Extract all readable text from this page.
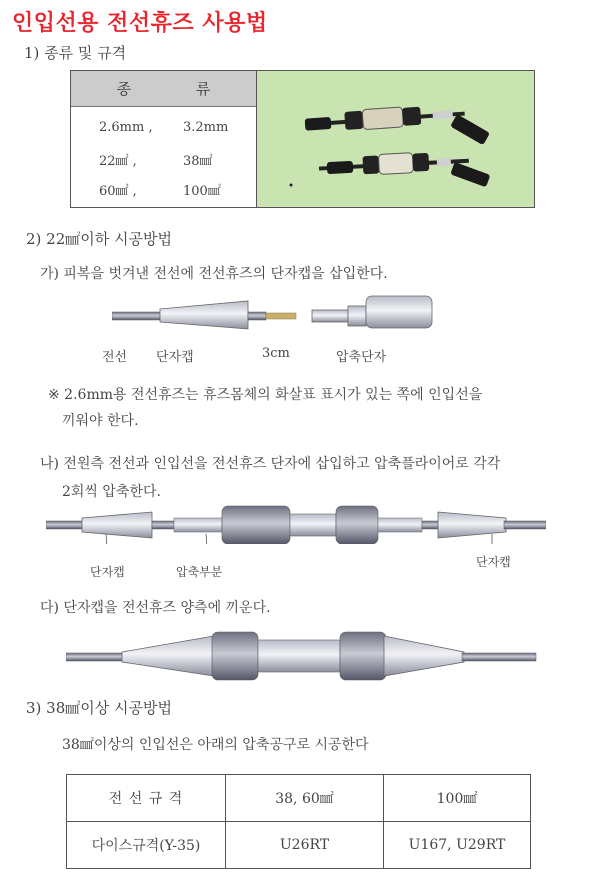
인입선용 전선휴즈 사용법
1) 종류 및 규격
종 류
2.6mm , 3.2mm
22㎟ ,	38㎟
60㎟ ,	100㎟
2) 22㎟이하 시공방법
가) 피복을 벗겨낸 전선에 전선휴즈의 단자캡을 삽입한다.
전선 단자캡	3cm	압축단자
※ 2.6mm용 전선휴즈는 휴즈몸체의 화살표 표시가 있는 쪽에 인입선을
끼워야 한다.
나) 전원측 전선과 인입선을 전선휴즈 단자에 삽입하고 압축플라이어로 각각
2회씩 압축한다.
단자캡	압축부분
단자캡
다) 단자캡을 전선휴즈 양측에 끼운다.
3) 38㎟이상 시공방법
38㎟이상의 인입선은 아래의 압축공구로 시공한다
전 선 규 격	38, 60㎟	100㎟
다이스규격(Y-35)	U26RT	U167, U29RT
